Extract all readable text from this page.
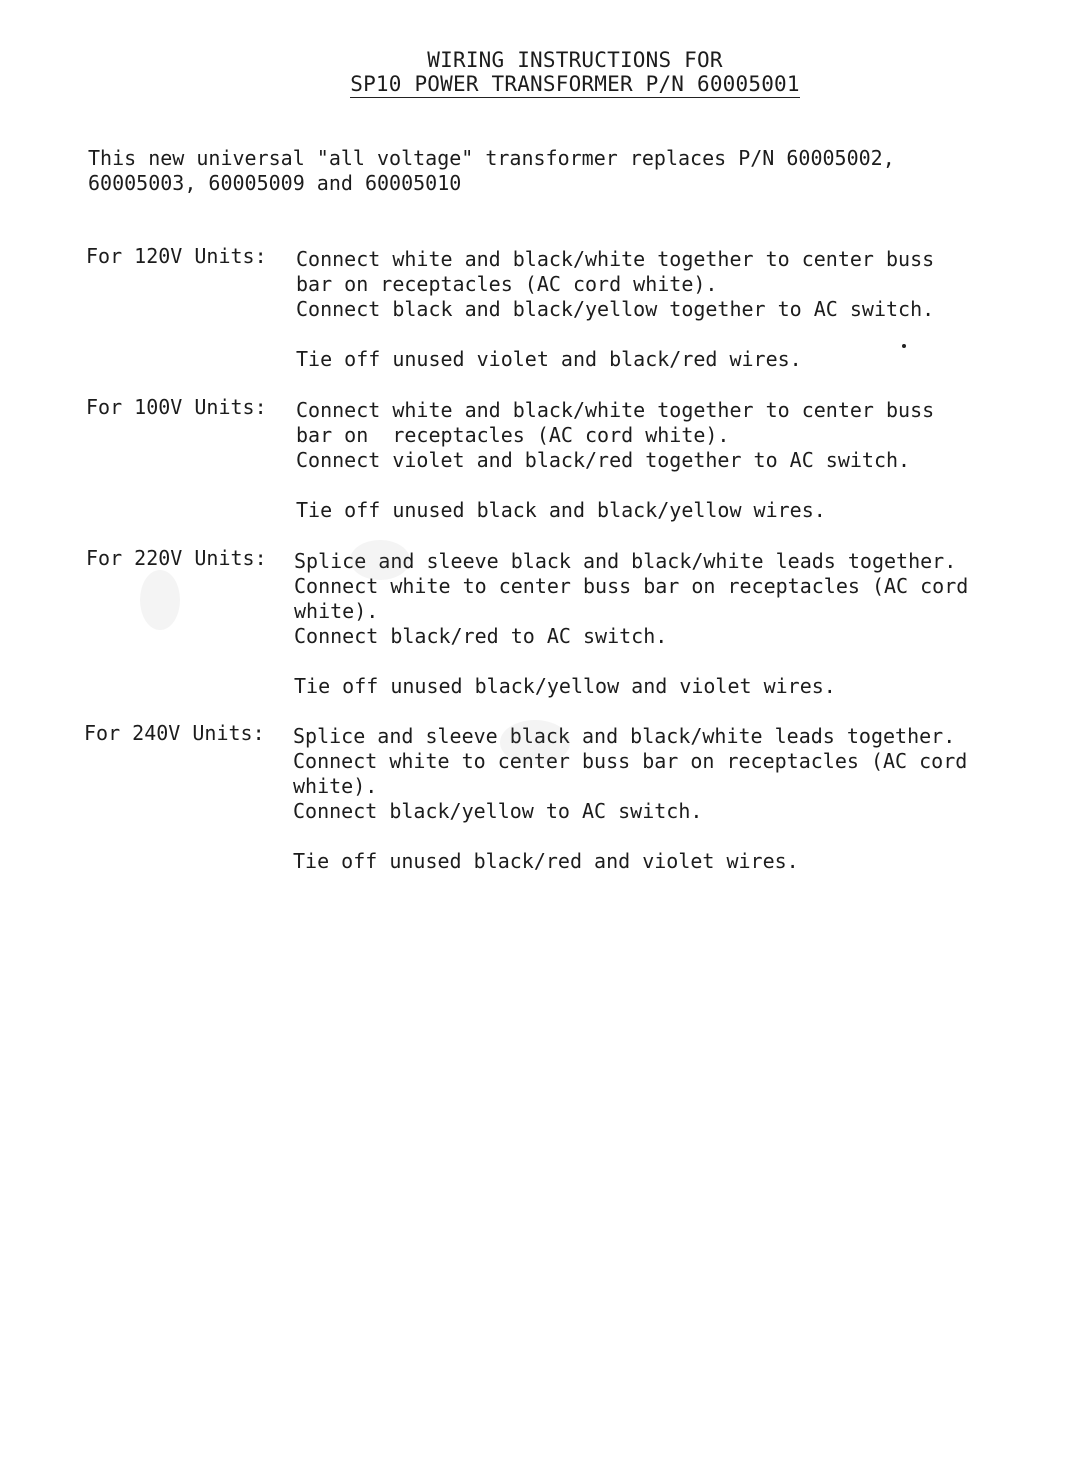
WIRING INSTRUCTIONS FOR
SP10 POWER TRANSFORMER P/N 60005001
This new universal "all voltage" transformer replaces P/N 60005002,
60005003, 60005009 and 60005010
For 120V Units: Connect white and black/white together to center buss
bar on receptacles (AC cord white).
Connect black and black/yellow together to AC switch.
Tie off unused violet and black/red wires.
For 100V Units: Connect white and black/white together to center buss
bar on  receptacles (AC cord white).
Connect violet and black/red together to AC switch.
Tie off unused black and black/yellow wires.
For 220V Units: Splice and sleeve black and black/white leads together.
Connect white to center buss bar on receptacles (AC cord
white).
Connect black/red to AC switch.
Tie off unused black/yellow and violet wires.
For 240V Units: Splice and sleeve black and black/white leads together.
Connect white to center buss bar on receptacles (AC cord
white).
Connect black/yellow to AC switch.
Tie off unused black/red and violet wires.
